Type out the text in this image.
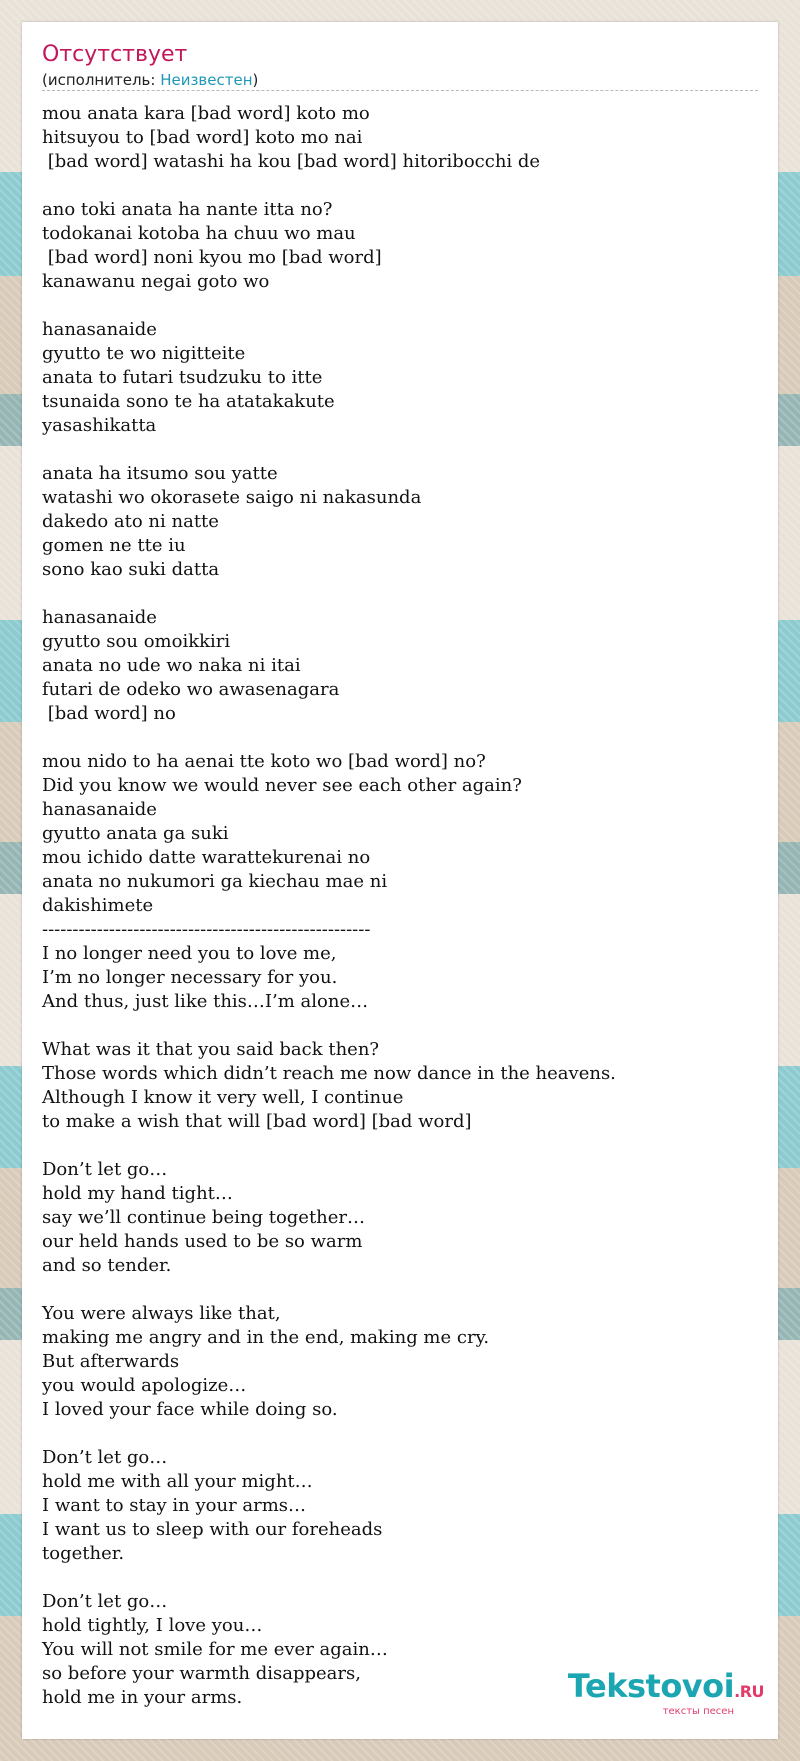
Отсутствует
(исполнитель: Неизвестен)
mou anata kara [bad word] koto mo
hitsuyou to [bad word] koto mo nai
[bad word] watashi ha kou [bad word] hitoribocchi de

ano toki anata ha nante itta no?
todokanai kotoba ha chuu wo mau
[bad word] noni kyou mo [bad word]
kanawanu negai goto wo

hanasanaide
gyutto te wo nigitteite
anata to futari tsudzuku to itte
tsunaida sono te ha atatakakute
yasashikatta

anata ha itsumo sou yatte
watashi wo okorasete saigo ni nakasunda
dakedo ato ni natte
gomen ne tte iu
sono kao suki datta

hanasanaide
gyutto sou omoikkiri
anata no ude wo naka ni itai
futari de odeko wo awasenagara
[bad word] no

mou nido to ha aenai tte koto wo [bad word] no?
Did you know we would never see each other again?
hanasanaide
gyutto anata ga suki
mou ichido datte warattekurenai no
anata no nukumori ga kiechau mae ni
dakishimete
------------------------------------------------------
I no longer need you to love me,
I’m no longer necessary for you.
And thus, just like this…I’m alone…

What was it that you said back then?
Those words which didn’t reach me now dance in the heavens.
Although I know it very well, I continue
to make a wish that will [bad word] [bad word]

Don’t let go…
hold my hand tight…
say we’ll continue being together…
our held hands used to be so warm
and so tender.

You were always like that,
making me angry and in the end, making me cry.
But afterwards
you would apologize…
I loved your face while doing so.

Don’t let go…
hold me with all your might…
I want to stay in your arms…
I want us to sleep with our foreheads
together.

Don’t let go…
hold tightly, I love you…
You will not smile for me ever again…
so before your warmth disappears,
hold me in your arms.	Tekstovoi.RU
тексты песен
